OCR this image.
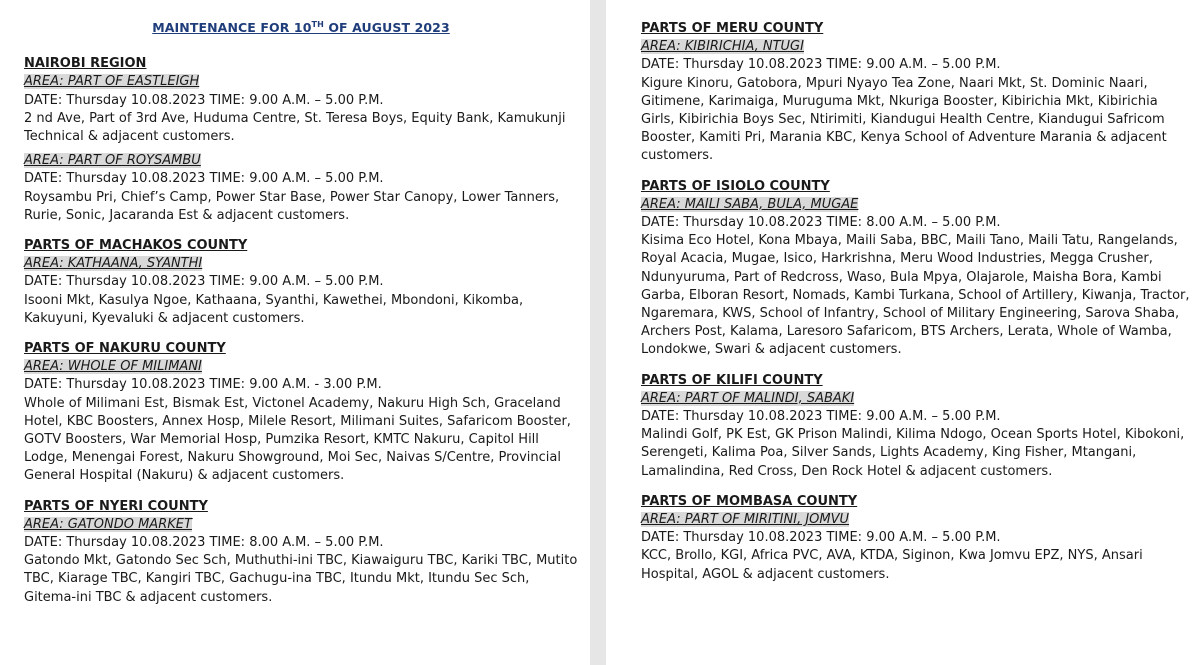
MAINTENANCE FOR 10TH OF AUGUST 2023
NAIROBI REGION
AREA: PART OF EASTLEIGH
DATE: Thursday 10.08.2023 TIME: 9.00 A.M. – 5.00 P.M.
2 nd Ave, Part of 3rd Ave, Huduma Centre, St. Teresa Boys, Equity Bank, Kamukunji Technical & adjacent customers.
AREA: PART OF ROYSAMBU
DATE: Thursday 10.08.2023 TIME: 9.00 A.M. – 5.00 P.M.
Roysambu Pri, Chief’s Camp, Power Star Base, Power Star Canopy, Lower Tanners, Rurie, Sonic, Jacaranda Est & adjacent customers.
PARTS OF MACHAKOS COUNTY
AREA: KATHAANA, SYANTHI
DATE: Thursday 10.08.2023 TIME: 9.00 A.M. – 5.00 P.M.
Isooni Mkt, Kasulya Ngoe, Kathaana, Syanthi, Kawethei, Mbondoni, Kikomba, Kakuyuni, Kyevaluki & adjacent customers.
PARTS OF NAKURU COUNTY
AREA: WHOLE OF MILIMANI
DATE: Thursday 10.08.2023 TIME: 9.00 A.M. - 3.00 P.M.
Whole of Milimani Est, Bismak Est, Victonel Academy, Nakuru High Sch, Graceland Hotel, KBC Boosters, Annex Hosp, Milele Resort, Milimani Suites, Safaricom Booster, GOTV Boosters, War Memorial Hosp, Pumzika Resort, KMTC Nakuru, Capitol Hill Lodge, Menengai Forest, Nakuru Showground, Moi Sec, Naivas S/Centre, Provincial General Hospital (Nakuru) & adjacent customers.
PARTS OF NYERI COUNTY
AREA: GATONDO MARKET
DATE: Thursday 10.08.2023 TIME: 8.00 A.M. – 5.00 P.M.
Gatondo Mkt, Gatondo Sec Sch, Muthuthi-ini TBC, Kiawaiguru TBC, Kariki TBC, Mutito TBC, Kiarage TBC, Kangiri TBC, Gachugu-ina TBC, Itundu Mkt, Itundu Sec Sch, Gitema-ini TBC & adjacent customers.
PARTS OF MERU COUNTY
AREA: KIBIRICHIA, NTUGI
DATE: Thursday 10.08.2023 TIME: 9.00 A.M. – 5.00 P.M.
Kigure Kinoru, Gatobora, Mpuri Nyayo Tea Zone, Naari Mkt, St. Dominic Naari, Gitimene, Karimaiga, Muruguma Mkt, Nkuriga Booster, Kibirichia Mkt, Kibirichia Girls, Kibirichia Boys Sec, Ntirimiti, Kiandugui Health Centre, Kiandugui Safricom Booster, Kamiti Pri, Marania KBC, Kenya School of Adventure Marania & adjacent customers.
PARTS OF ISIOLO COUNTY
AREA: MAILI SABA, BULA, MUGAE
DATE: Thursday 10.08.2023 TIME: 8.00 A.M. – 5.00 P.M.
Kisima Eco Hotel, Kona Mbaya, Maili Saba, BBC, Maili Tano, Maili Tatu, Rangelands, Royal Acacia, Mugae, Isico, Harkrishna, Meru Wood Industries, Megga Crusher, Ndunyuruma, Part of Redcross, Waso, Bula Mpya, Olajarole, Maisha Bora, Kambi Garba, Elboran Resort, Nomads, Kambi Turkana, School of Artillery, Kiwanja, Tractor, Ngaremara, KWS, School of Infantry, School of Military Engineering, Sarova Shaba, Archers Post, Kalama, Laresoro Safaricom, BTS Archers, Lerata, Whole of Wamba, Londokwe, Swari & adjacent customers.
PARTS OF KILIFI COUNTY
AREA: PART OF MALINDI, SABAKI
DATE: Thursday 10.08.2023 TIME: 9.00 A.M. – 5.00 P.M.
Malindi Golf, PK Est, GK Prison Malindi, Kilima Ndogo, Ocean Sports Hotel, Kibokoni, Serengeti, Kalima Poa, Silver Sands, Lights Academy, King Fisher, Mtangani, Lamalindina, Red Cross, Den Rock Hotel & adjacent customers.
PARTS OF MOMBASA COUNTY
AREA: PART OF MIRITINI, JOMVU
DATE: Thursday 10.08.2023 TIME: 9.00 A.M. – 5.00 P.M.
KCC, Brollo, KGI, Africa PVC, AVA, KTDA, Siginon, Kwa Jomvu EPZ, NYS, Ansari Hospital, AGOL & adjacent customers.
